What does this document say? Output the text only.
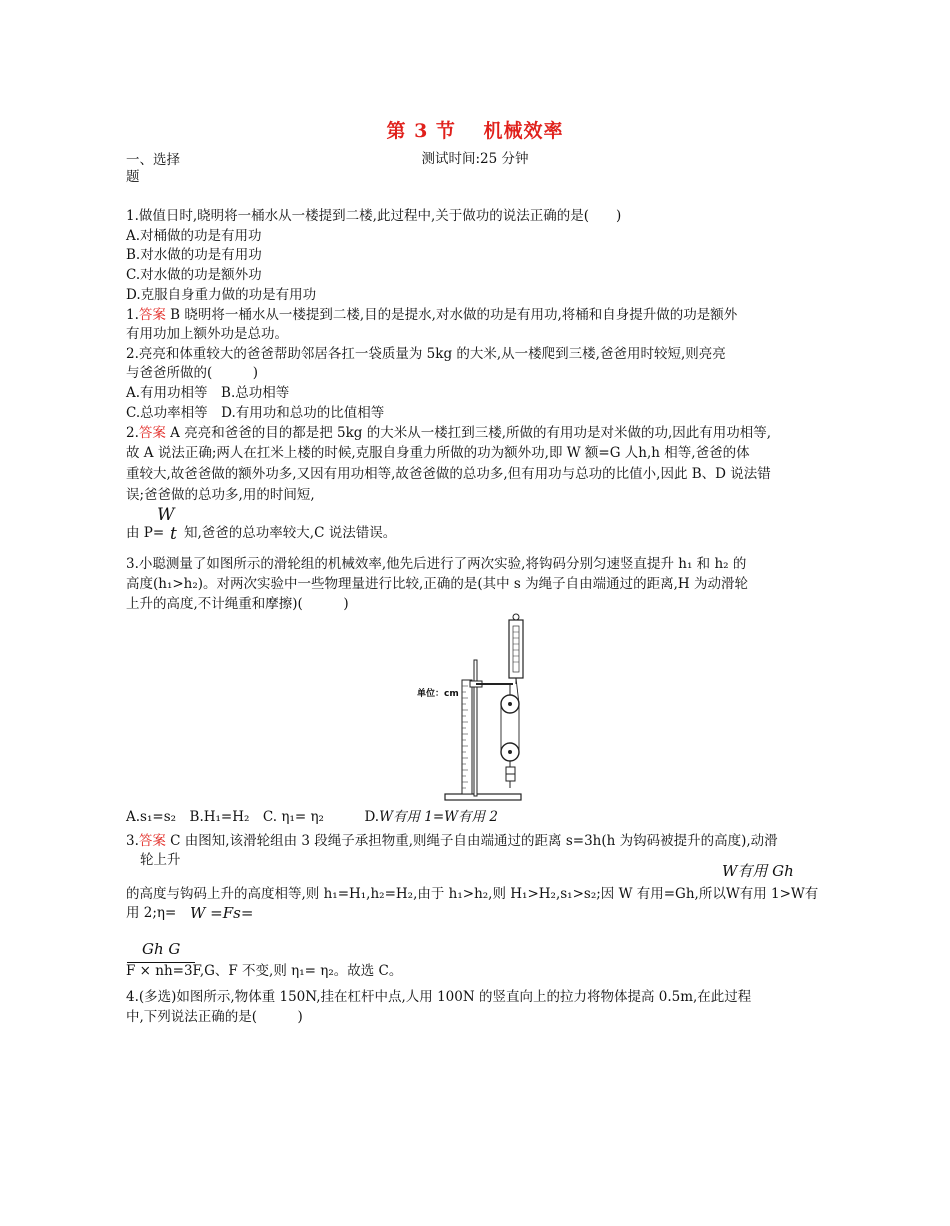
第 3 节　 机械效率
测试时间:25 分钟
一、选择
题
1.做值日时,晓明将一桶水从一楼提到二楼,此过程中,关于做功的说法正确的是(　　)
A.对桶做的功是有用功
B.对水做的功是有用功
C.对水做的功是额外功
D.克服自身重力做的功是有用功
1.答案 B 晓明将一桶水从一楼提到二楼,目的是提水,对水做的功是有用功,将桶和自身提升做的功是额外
有用功加上额外功是总功。
2.亮亮和体重较大的爸爸帮助邻居各扛一袋质量为 5kg 的大米,从一楼爬到三楼,爸爸用时较短,则亮亮
与爸爸所做的(　　　)
A.有用功相等　B.总功相等
C.总功率相等　D.有用功和总功的比值相等
2.答案 A 亮亮和爸爸的目的都是把 5kg 的大米从一楼扛到三楼,所做的有用功是对米做的功,因此有用功相等,
故 A 说法正确;两人在扛米上楼的时候,克服自身重力所做的功为额外功,即 W 额=G 人h,h 相等,爸爸的体
重较大,故爸爸做的额外功多,又因有用功相等,故爸爸做的总功多,但有用功与总功的比值小,因此 B、D 说法错
误;爸爸做的总功多,用的时间短,
W
由 P= t 知,爸爸的总功率较大,C 说法错误。
3.小聪测量了如图所示的滑轮组的机械效率,他先后进行了两次实验,将钩码分别匀速竖直提升 h₁ 和 h₂ 的
高度(h₁>h₂)。对两次实验中一些物理量进行比较,正确的是(其中 s 为绳子自由端通过的距离,H 为动滑轮
上升的高度,不计绳重和摩擦)(　　　)
单位：cm
A.s₁=s₂　B.H₁=H₂　C. η₁= η₂　　　D.W有用 1=W有用 2
3.答案 C 由图知,该滑轮组由 3 段绳子承担物重,则绳子自由端通过的距离 s=3h(h 为钩码被提升的高度),动滑
轮上升
W有用 Gh
的高度与钩码上升的高度相等,则 h₁=H₁,h₂=H₂,由于 h₁>h₂,则 H₁>H₂,s₁>s₂;因 W 有用=Gh,所以W有用 1>W有
用 2;η= W =Fs=
Gh G
F × nh=3F,G、F 不变,则 η₁= η₂。故选 C。
4.(多选)如图所示,物体重 150N,挂在杠杆中点,人用 100N 的竖直向上的拉力将物体提高 0.5m,在此过程
中,下列说法正确的是(　　　)
